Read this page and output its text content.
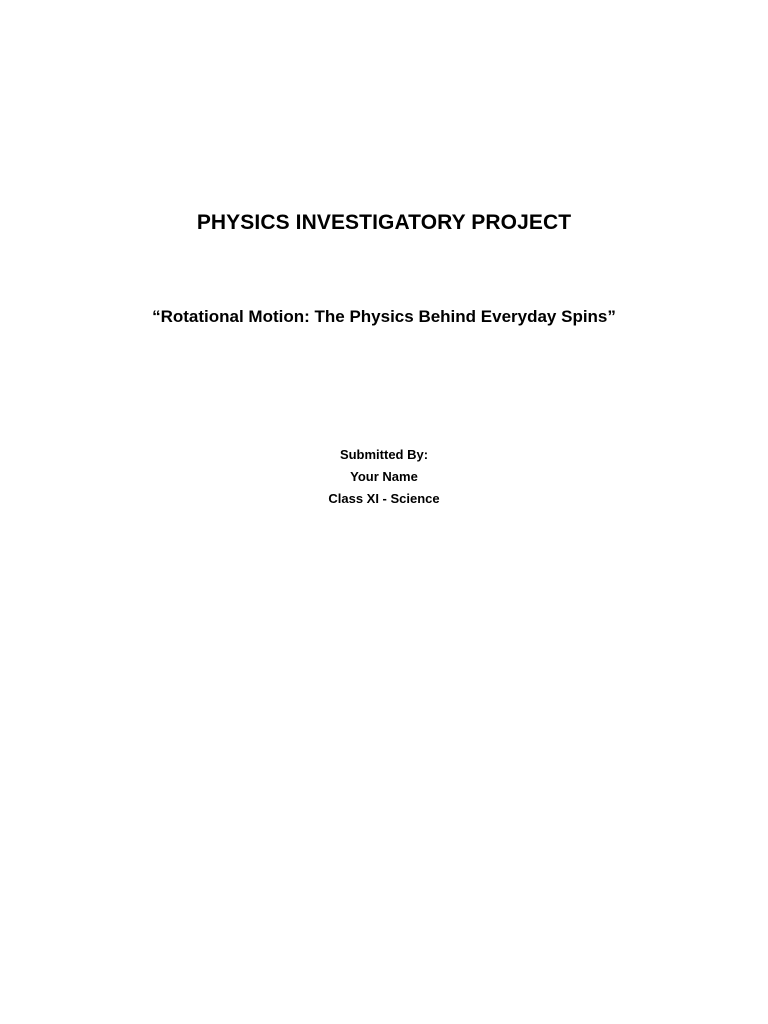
PHYSICS INVESTIGATORY PROJECT
“Rotational Motion: The Physics Behind Everyday Spins”
Submitted By:
Your Name
Class XI - Science
